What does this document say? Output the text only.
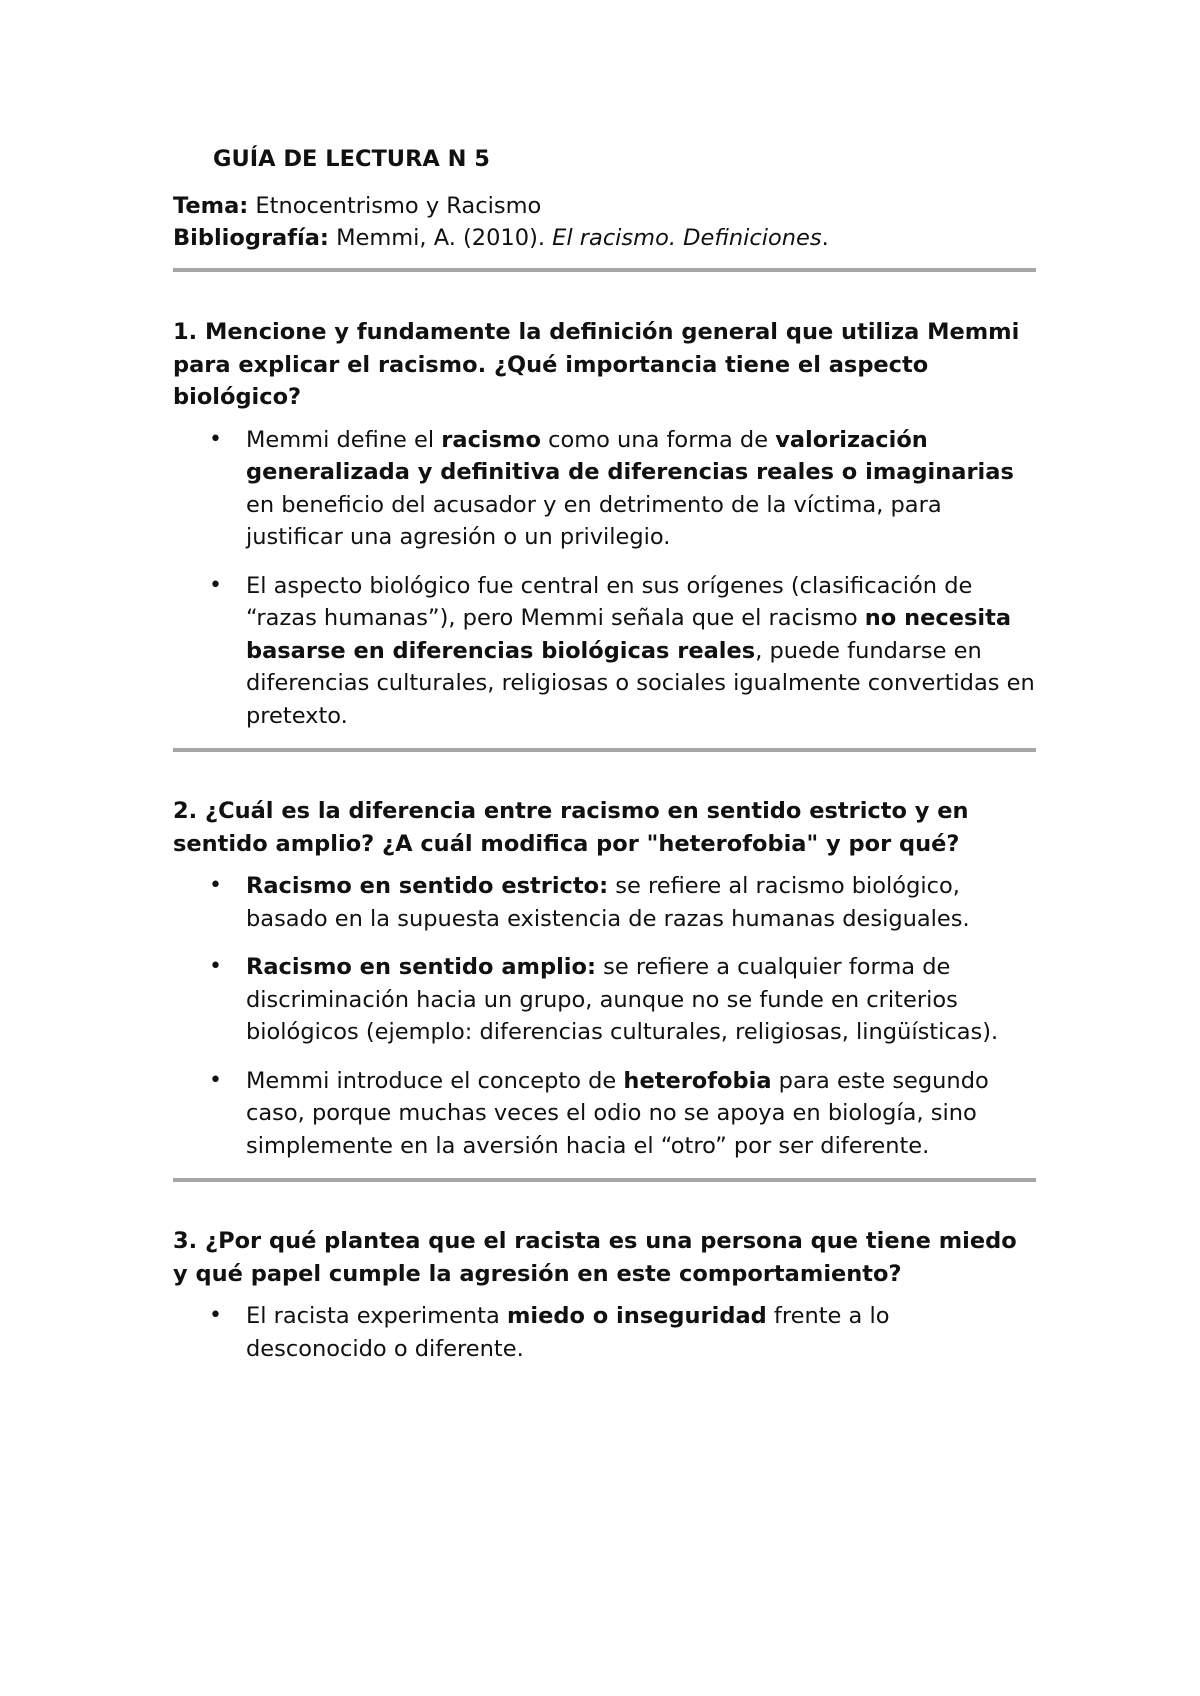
GUÍA DE LECTURA N 5

Tema: Etnocentrismo y Racismo

Bibliografía: Memmi, A. (2010). El racismo. Definiciones.

1. Mencione y fundamente la definición general que utiliza Memmi para explicar el racismo. ¿Qué importancia tiene el aspecto biológico?

• Memmi define el racismo como una forma de valorización generalizada y definitiva de diferencias reales o imaginarias en beneficio del acusador y en detrimento de la víctima, para justificar una agresión o un privilegio.
• El aspecto biológico fue central en sus orígenes (clasificación de “razas humanas”), pero Memmi señala que el racismo no necesita basarse en diferencias biológicas reales, puede fundarse en diferencias culturales, religiosas o sociales igualmente convertidas en pretexto.

2. ¿Cuál es la diferencia entre racismo en sentido estricto y en sentido amplio? ¿A cuál modifica por "heterofobia" y por qué?

• Racismo en sentido estricto: se refiere al racismo biológico, basado en la supuesta existencia de razas humanas desiguales.
• Racismo en sentido amplio: se refiere a cualquier forma de discriminación hacia un grupo, aunque no se funde en criterios biológicos (ejemplo: diferencias culturales, religiosas, lingüísticas).
• Memmi introduce el concepto de heterofobia para este segundo caso, porque muchas veces el odio no se apoya en biología, sino simplemente en la aversión hacia el “otro” por ser diferente.

3. ¿Por qué plantea que el racista es una persona que tiene miedo y qué papel cumple la agresión en este comportamiento?

• El racista experimenta miedo o inseguridad frente a lo desconocido o diferente.
